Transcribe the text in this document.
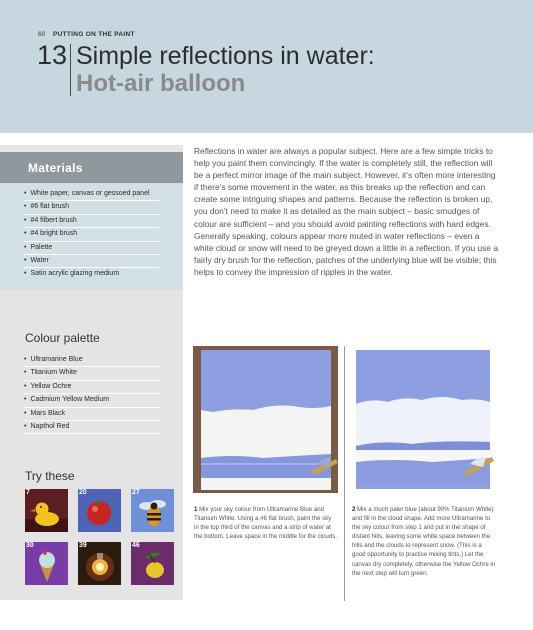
60 PUTTING ON THE PAINT
13 Simple reflections in water:
Hot-air balloon
Materials
• White paper, canvas or gessoed panel
• #6 flat brush
• #4 filbert brush
• #4 bright brush
• Palette
• Water
• Satin acrylic glazing medium
Colour palette
• Ultramarine Blue
• Titanium White
• Yellow Ochre
• Cadmium Yellow Medium
• Mars Black
• Napthol Red
Try these
7	20	27
30	39	46
Reflections in water are always a popular subject. Here are a few simple tricks to help you paint them convincingly. If the water is completely still, the reflection will be a perfect mirror image of the main subject. However, it’s often more interesting if there’s some movement in the water, as this breaks up the reflection and can create some intriguing shapes and patterns. Because the reflection is broken up, you don’t need to make it as detailed as the main subject – basic smudges of colour are sufficient – and you should avoid painting reflections with hard edges. Generally speaking, colours appear more muted in water reflections – even a white cloud or snow will need to be greyed down a little in a reflection. If you use a fairly dry brush for the reflection, patches of the underlying blue will be visible; this helps to convey the impression of ripples in the water.
1 Mix your sky colour from Ultramarine Blue and Titanium White. Using a #6 flat brush, paint the sky in the top third of the canvas and a strip of water at the bottom. Leave space in the middle for the clouds.
2 Mix a much paler blue (about 90% Titanium White) and fill in the cloud shape. Add more Ultramarine to the sky colour from step 1 and put in the shape of distant hills, leaving some white space between the hills and the clouds to represent snow. (This is a good opportunity to practise mixing tints.) Let the canvas dry completely, otherwise the Yellow Ochre in the next step will turn green.
